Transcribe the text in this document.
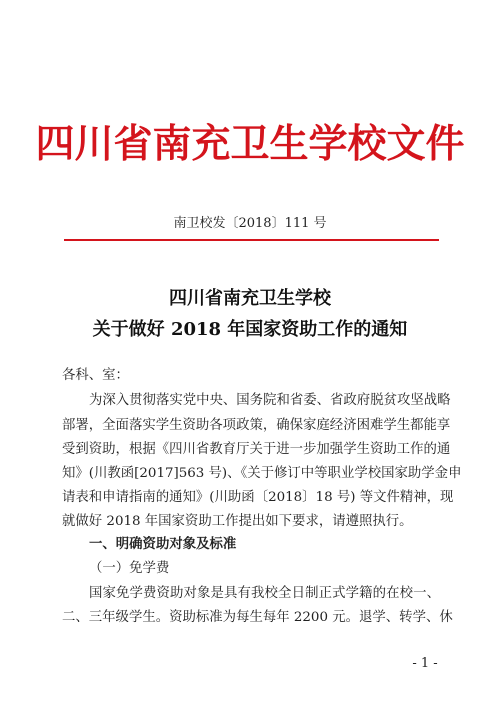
四川省南充卫生学校文件
南卫校发〔2018〕111 号
四川省南充卫生学校
关于做好 2018 年国家资助工作的通知
各科、室：
为深入贯彻落实党中央、国务院和省委、省政府脱贫攻坚战略
部署，全面落实学生资助各项政策，确保家庭经济困难学生都能享
受到资助，根据《四川省教育厅关于进一步加强学生资助工作的通
知》(川教函[2017]563 号)、《关于修订中等职业学校国家助学金申
请表和申请指南的通知》(川助函〔2018〕18 号) 等文件精神，现
就做好 2018 年国家资助工作提出如下要求，请遵照执行。
一、明确资助对象及标准
（一）免学费
国家免学费资助对象是具有我校全日制正式学籍的在校一、
二、三年级学生。资助标准为每生每年 2200 元。退学、转学、休
- 1 -
